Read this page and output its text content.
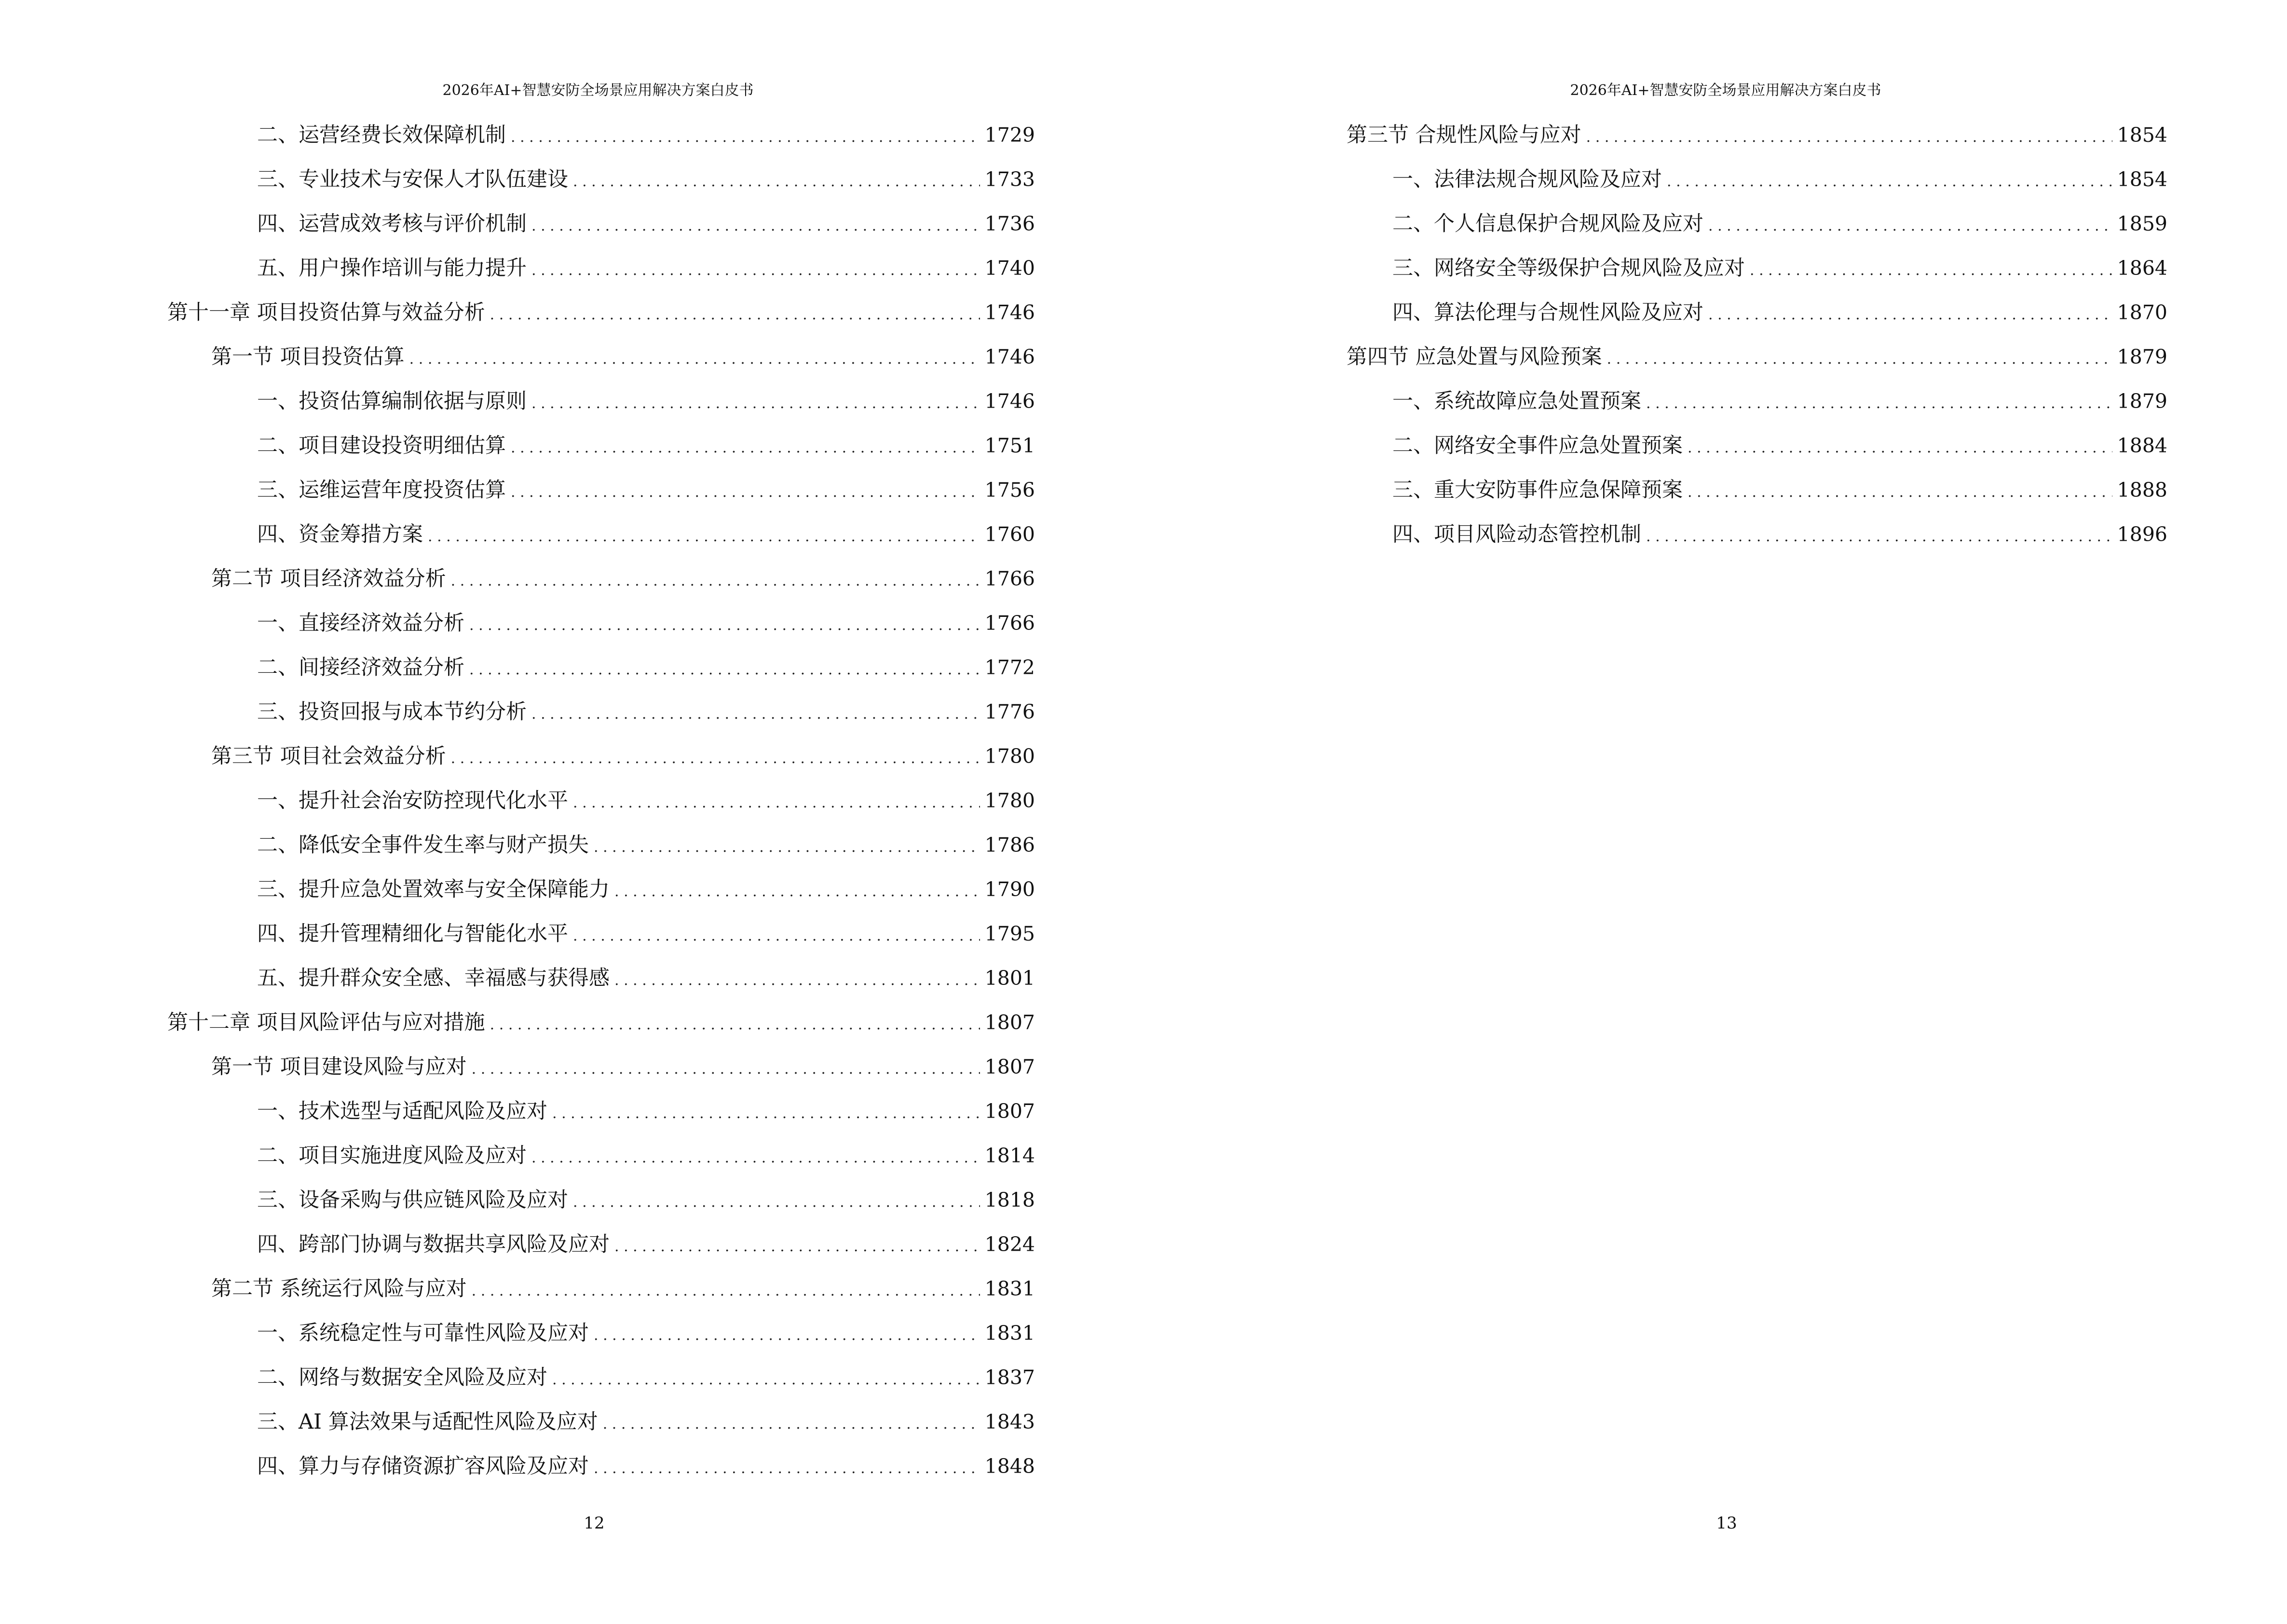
2026年AI+智慧安防全场景应用解决方案白皮书
二、运营经费长效保障机制 . . .	1729
三、专业技术与安保人才队伍建设 . . .	1733
四、运营成效考核与评价机制 . . .	1736
五、用户操作培训与能力提升 . . .	1740
第十一章 项目投资估算与效益分析 . . .	1746
第一节 项目投资估算 . . .	1746
一、投资估算编制依据与原则 . . .	1746
二、项目建设投资明细估算 . . .	1751
三、运维运营年度投资估算 . . .	1756
四、资金筹措方案 . . .	1760
第二节 项目经济效益分析 . . .	1766
一、直接经济效益分析 . . .	1766
二、间接经济效益分析 . . .	1772
三、投资回报与成本节约分析 . . .	1776
第三节 项目社会效益分析 . . .	1780
一、提升社会治安防控现代化水平 . . .	1780
二、降低安全事件发生率与财产损失 . . .	1786
三、提升应急处置效率与安全保障能力 . . .	1790
四、提升管理精细化与智能化水平 . . .	1795
五、提升群众安全感、幸福感与获得感 . . .	1801
第十二章 项目风险评估与应对措施 . . .	1807
第一节 项目建设风险与应对 . . .	1807
一、技术选型与适配风险及应对 . . .	1807
二、项目实施进度风险及应对 . . .	1814
三、设备采购与供应链风险及应对 . . .	1818
四、跨部门协调与数据共享风险及应对 . . .	1824
第二节 系统运行风险与应对 . . .	1831
一、系统稳定性与可靠性风险及应对 . . .	1831
二、网络与数据安全风险及应对 . . .	1837
三、AI 算法效果与适配性风险及应对 . . .	1843
四、算力与存储资源扩容风险及应对 . . .	1848
12
2026年AI+智慧安防全场景应用解决方案白皮书
第三节 合规性风险与应对 . . .	1854
一、法律法规合规风险及应对 . . .	1854
二、个人信息保护合规风险及应对 . . .	1859
三、网络安全等级保护合规风险及应对 . . .	1864
四、算法伦理与合规性风险及应对 . . .	1870
第四节 应急处置与风险预案 . . .	1879
一、系统故障应急处置预案 . . .	1879
二、网络安全事件应急处置预案 . . .	1884
三、重大安防事件应急保障预案 . . .	1888
四、项目风险动态管控机制 . . .	1896
13
